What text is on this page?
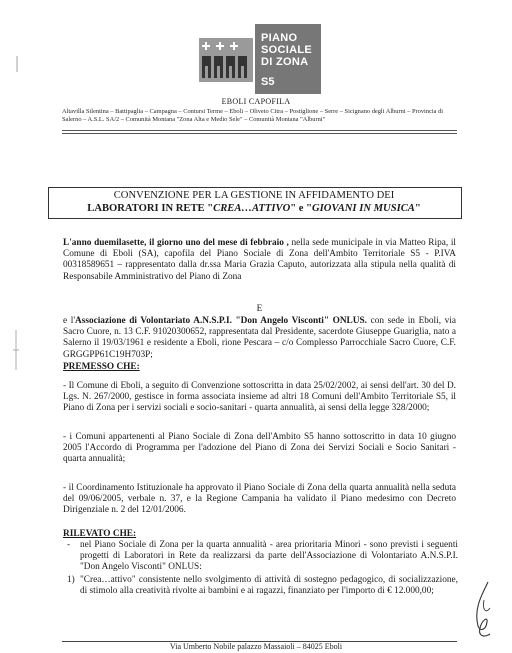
PIANO
SOCIALE
DI ZONA
S5
EBOLI CAPOFILA
Altavilla Silentina – Battipaglia – Campagna – Contursi Terme – Eboli – Oliveto Citra – Postiglione – Serre – Sicignano degli Alburni – Provincia di Salerno – A.S.L. SA/2 – Comunità Montana "Zona Alta e Medio Sele" – Comunità Montana "Alburni"
CONVENZIONE PER LA GESTIONE IN AFFIDAMENTO DEI
LABORATORI IN RETE "CREA…ATTIVO" e "GIOVANI IN MUSICA"
L'anno duemilasette, il giorno uno del mese di febbraio , nella sede municipale in via Matteo Ripa, il Comune di Eboli (SA), capofila del Piano Sociale di Zona dell'Ambito Territoriale S5 - P.IVA 00318589651 – rappresentato dalla dr.ssa Maria Grazia Caputo, autorizzata alla stipula nella qualità di Responsabile Amministrativo del Piano di Zona
E
e l'Associazione di Volontariato A.N.S.P.I. "Don Angelo Visconti" ONLUS. con sede in Eboli, via Sacro Cuore, n. 13 C.F. 91020300652, rappresentata dal Presidente, sacerdote Giuseppe Guariglia, nato a Salerno il 19/03/1961 e residente a Eboli, rione Pescara – c/o Complesso Parrocchiale Sacro Cuore, C.F. GRGGPP61C19H703P;
PREMESSO CHE:
- Il Comune di Eboli, a seguito di Convenzione sottoscritta in data 25/02/2002, ai sensi dell'art. 30 del D. Lgs. N. 267/2000, gestisce in forma associata insieme ad altri 18 Comuni dell'Ambito Territoriale S5, il Piano di Zona per i servizi sociali e socio-sanitari - quarta annualità, ai sensi della legge 328/2000;
- i Comuni appartenenti al Piano Sociale di Zona dell'Ambito S5 hanno sottoscritto in data 10 giugno 2005 l'Accordo di Programma per l'adozione del Piano di Zona dei Servizi Sociali e Socio Sanitari - quarta annualità;
- il Coordinamento Istituzionale ha approvato il Piano Sociale di Zona della quarta annualità nella seduta del 09/06/2005, verbale n. 37, e la Regione Campania ha validato il Piano medesimo con Decreto Dirigenziale n. 2 del 12/01/2006.
RILEVATO CHE:
- nel Piano Sociale di Zona per la quarta annualità - area prioritaria Minori - sono previsti i seguenti progetti di Laboratori in Rete da realizzarsi da parte dell'Associazione di Volontariato A.N.S.P.I. "Don Angelo Visconti" ONLUS:
1) "Crea…attivo" consistente nello svolgimento di attività di sostegno pedagogico, di socializzazione, di stimolo alla creatività rivolte ai bambini e ai ragazzi, finanziato per l'importo di € 12.000,00;
Via Umberto Nobile palazzo Massaioli – 84025 Eboli
